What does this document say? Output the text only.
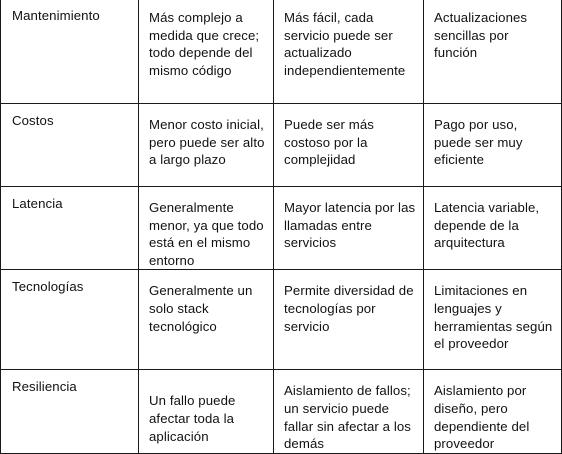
Mantenimiento	Más complejo a medida que crece; todo depende del mismo código	Más fácil, cada servicio puede ser actualizado independientemente	Actualizaciones sencillas por función

Costos	Menor costo inicial, pero puede ser alto a largo plazo	Puede ser más costoso por la complejidad	Pago por uso, puede ser muy eficiente

Latencia	Generalmente menor, ya que todo está en el mismo entorno	Mayor latencia por las llamadas entre servicios	Latencia variable, depende de la arquitectura

Tecnologías	Generalmente un solo stack tecnológico	Permite diversidad de tecnologías por servicio	Limitaciones en lenguajes y herramientas según el proveedor

Resiliencia	Un fallo puede afectar toda la aplicación	Aislamiento de fallos; un servicio puede fallar sin afectar a los demás	Aislamiento por diseño, pero dependiente del proveedor
